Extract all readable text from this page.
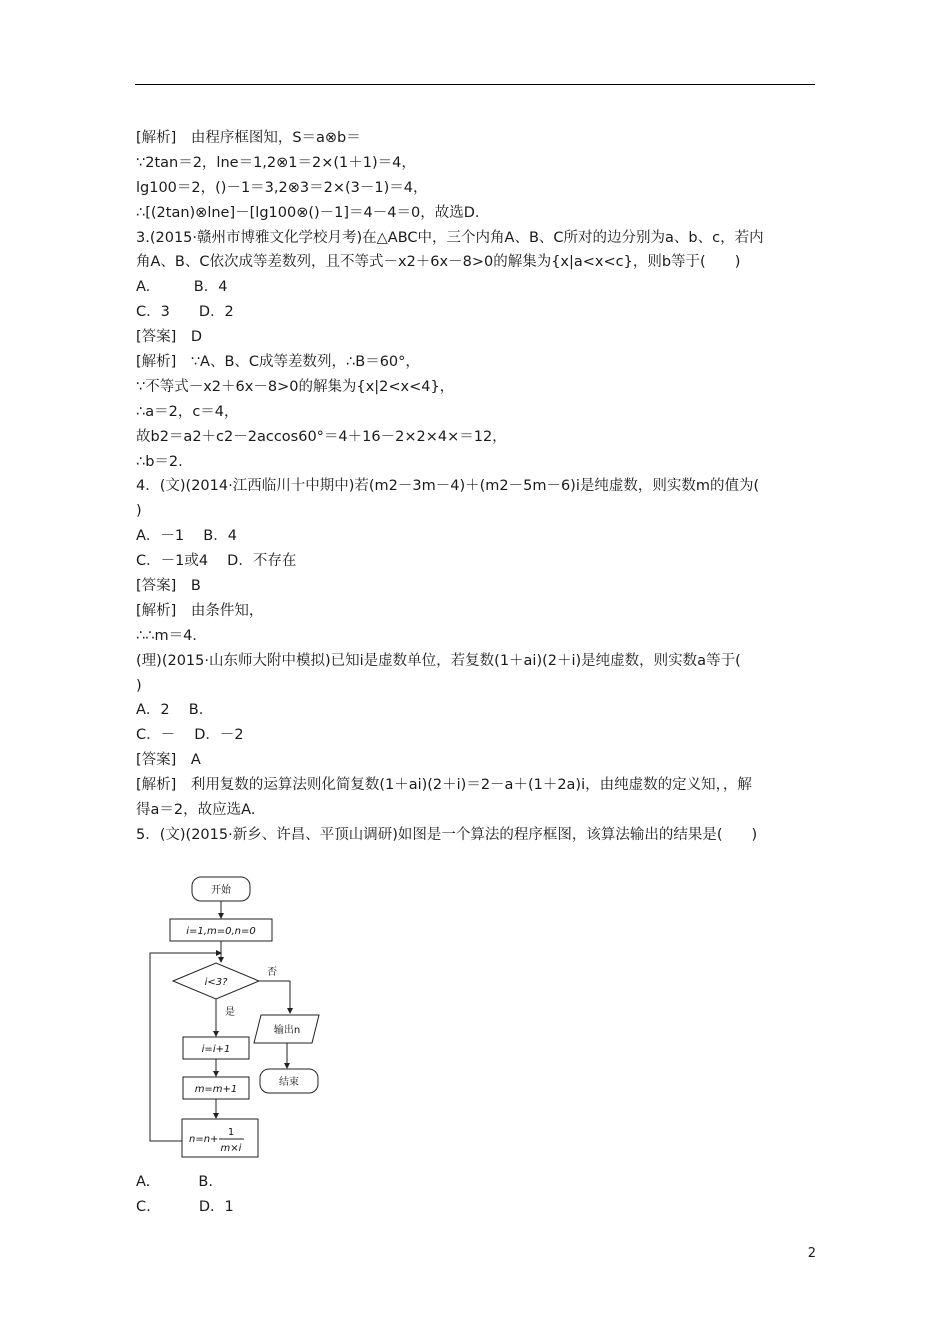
[解析]　由程序框图知，S＝a⊗b＝
∵2tan＝2，lne＝1,2⊗1＝2×(1＋1)＝4，
lg100＝2，()－1＝3,2⊗3＝2×(3－1)＝4，
∴[(2tan)⊗lne]－[lg100⊗()－1]＝4－4＝0，故选D.
3.(2015·赣州市博雅文化学校月考)在△ABC中，三个内角A、B、C所对的边分别为a、b、c，若内
角A、B、C依次成等差数列，且不等式－x2＋6x－8>0的解集为{x|a<x<c}，则b等于(　　)
A.　　　B．4
C．3　　D．2
[答案]　D
[解析]　∵A、B、C成等差数列，∴B＝60°，
∵不等式－x2＋6x－8>0的解集为{x|2<x<4}，
∴a＝2，c＝4，
故b2＝a2＋c2－2accos60°＝4＋16－2×2×4×＝12，
∴b＝2.
4．(文)(2014·江西临川十中期中)若(m2－3m－4)＋(m2－5m－6)i是纯虚数，则实数m的值为(
)
A．－1　 B．4
C．－1或4　 D．不存在
[答案]　B
[解析]　由条件知，
∴∴m＝4.
(理)(2015·山东师大附中模拟)已知i是虚数单位，若复数(1＋ai)(2＋i)是纯虚数，则实数a等于(
)
A．2　 B.
C．－　 D．－2
[答案]　A
[解析]　利用复数的运算法则化简复数(1＋ai)(2＋i)＝2－a＋(1＋2a)i，由纯虚数的定义知，，解
得a＝2，故应选A.
5．(文)(2015·新乡、许昌、平顶山调研)如图是一个算法的程序框图，该算法输出的结果是(　　)
开始
i=1,m=0,n=0
i<3?
否
输出n
结束
是
i=i+1
m=m+1
n=n+
1
m×i
A.　　　 B.
C.　　　 D．1
2
